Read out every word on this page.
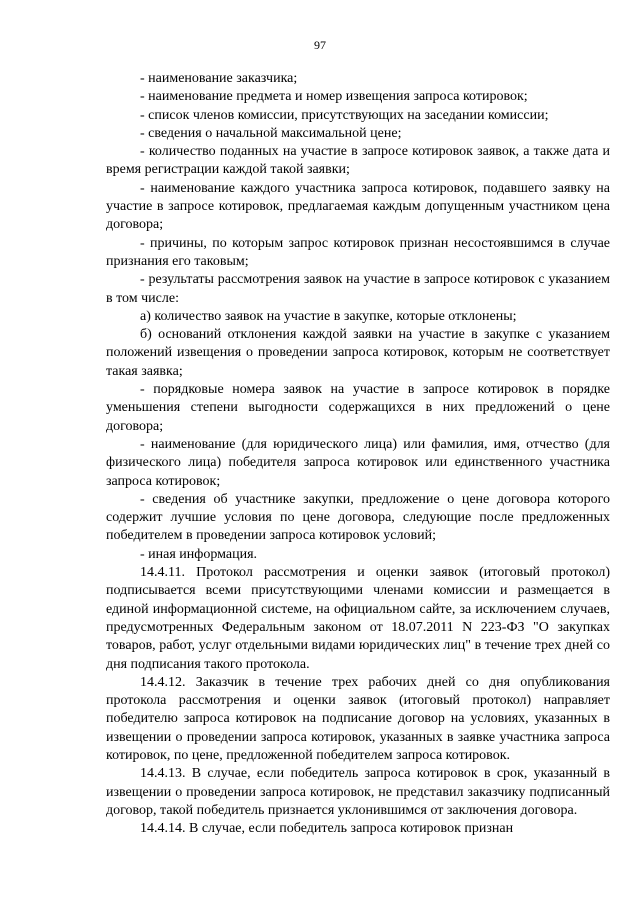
97

- наименование заказчика;

- наименование предмета и номер извещения запроса котировок;

- список членов комиссии, присутствующих на заседании комиссии;

- сведения о начальной максимальной цене;

- количество поданных на участие в запросе котировок заявок, а также дата и время регистрации каждой такой заявки;

- наименование каждого участника запроса котировок, подавшего заявку на участие в запросе котировок, предлагаемая каждым допущенным участником цена договора;

- причины, по которым запрос котировок признан несостоявшимся в случае признания его таковым;

- результаты рассмотрения заявок на участие в запросе котировок с указанием в том числе:

а) количество заявок на участие в закупке, которые отклонены;

б) оснований отклонения каждой заявки на участие в закупке с указанием положений извещения о проведении запроса котировок, которым не соответствует такая заявка;

- порядковые номера заявок на участие в запросе котировок в порядке уменьшения степени выгодности содержащихся в них предложений о цене договора;

- наименование (для юридического лица) или фамилия, имя, отчество (для физического лица) победителя запроса котировок или единственного участника запроса котировок;

- сведения об участнике закупки, предложение о цене договора которого содержит лучшие условия по цене договора, следующие после предложенных победителем в проведении запроса котировок условий;

- иная информация.

14.4.11. Протокол рассмотрения и оценки заявок (итоговый протокол) подписывается всеми присутствующими членами комиссии и размещается в единой информационной системе, на официальном сайте, за исключением случаев, предусмотренных Федеральным законом от 18.07.2011 N 223-ФЗ "О закупках товаров, работ, услуг отдельными видами юридических лиц" в течение трех дней со дня подписания такого протокола.

14.4.12. Заказчик в течение трех рабочих дней со дня опубликования протокола рассмотрения и оценки заявок (итоговый протокол) направляет победителю запроса котировок на подписание договор на условиях, указанных в извещении о проведении запроса котировок, указанных в заявке участника запроса котировок, по цене, предложенной победителем запроса котировок.

14.4.13. В случае, если победитель запроса котировок в срок, указанный в извещении о проведении запроса котировок, не представил заказчику подписанный договор, такой победитель признается уклонившимся от заключения договора.

14.4.14. В случае, если победитель запроса котировок признан
